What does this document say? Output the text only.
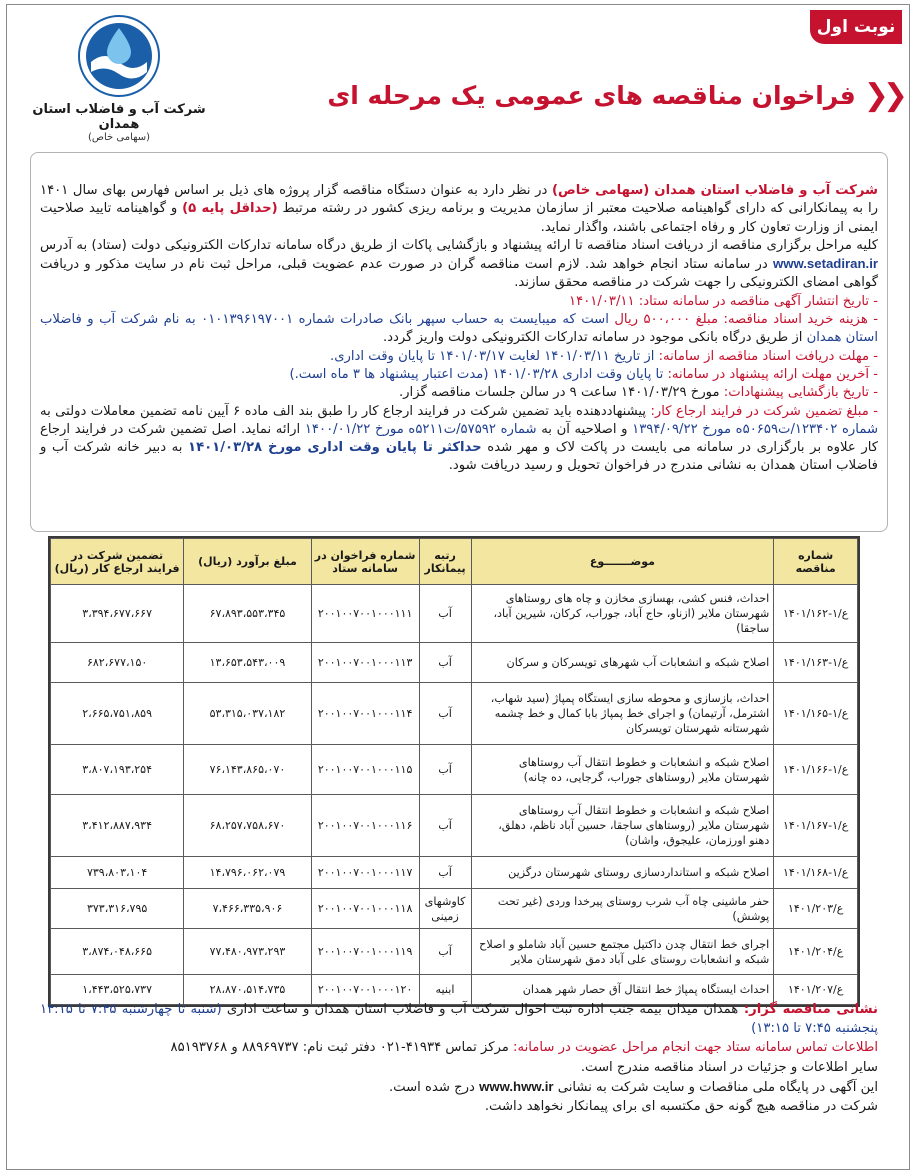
نوبت اول
❮❮
فراخوان مناقصه های عمومی یک مرحله ای
شرکت آب و فاضلاب استان همدان
(سهامی خاص)

شرکت آب و فاضلاب استان همدان (سهامی خاص) در نظر دارد به عنوان دستگاه مناقصه گزار پروژه های ذیل بر اساس فهارس بهای سال ۱۴۰۱ را به پیمانکارانی که دارای گواهینامه صلاحیت معتبر از سازمان مدیریت و برنامه ریزی کشور در رشته مرتبط (حداقل پایه ۵) و گواهینامه تایید صلاحیت ایمنی از وزارت تعاون کار و رفاه اجتماعی باشند، واگذار نماید.

کلیه مراحل برگزاری مناقصه از دریافت اسناد مناقصه تا ارائه پیشنهاد و بازگشایی پاکات از طریق درگاه سامانه تدارکات الکترونیکی دولت (ستاد) به آدرس www.setadiran.ir در سامانه ستاد انجام خواهد شد. لازم است مناقصه گران در صورت عدم عضویت قبلی، مراحل ثبت نام در سایت مذکور و دریافت گواهی امضای الکترونیکی را جهت شرکت در مناقصه محقق سازند.

- تاریخ انتشار آگهی مناقصه در سامانه ستاد: ۱۴۰۱/۰۳/۱۱

- هزینه خرید اسناد مناقصه: مبلغ ۵۰۰،۰۰۰ ریال است که میبایست به حساب سپهر بانک صادرات شماره ۰۱۰۱۳۹۶۱۹۷۰۰۱ به نام شرکت آب و فاضلاب استان همدان از طریق درگاه بانکی موجود در سامانه تدارکات الکترونیکی دولت واریز گردد.

- مهلت دریافت اسناد مناقصه از سامانه: از تاریخ ۱۴۰۱/۰۳/۱۱ لغایت ۱۴۰۱/۰۳/۱۷ تا پایان وقت اداری.

- آخرین مهلت ارائه پیشنهاد در سامانه: تا پایان وقت اداری ۱۴۰۱/۰۳/۲۸ (مدت اعتبار پیشنهاد ها ۳ ماه است.)

- تاریخ بازگشایی پیشنهادات: مورخ ۱۴۰۱/۰۳/۲۹ ساعت ۹ در سالن جلسات مناقصه گزار.

- مبلغ تضمین شرکت در فرایند ارجاع کار: پیشنهاددهنده باید تضمین شرکت در فرایند ارجاع کار را طبق بند الف ماده ۶ آیین نامه تضمین معاملات دولتی به شماره ۱۲۳۴۰۲/ت۵۰۶۵۹ه مورخ ۱۳۹۴/۰۹/۲۲ و اصلاحیه آن به شماره ۵۷۵۹۲/ت۵۲۱۱ه مورخ ۱۴۰۰/۰۱/۲۲ ارائه نماید. اصل تضمین شرکت در فرایند ارجاع کار علاوه بر بارگزاری در سامانه می بایست در پاکت لاک و مهر شده حداکثر تا پایان وقت اداری مورخ ۱۴۰۱/۰۳/۲۸ به دبیر خانه شرکت آب و فاضلاب استان همدان به نشانی مندرج در فراخوان تحویل و رسید دریافت شود.

شماره مناقصه	موضـــــــوع	رتبه پیمانکار	شماره فراخوان در سامانه ستاد	مبلغ برآورد (ریال)	تضمین شرکت در فرایند ارجاع کار (ریال)
ع/۱-۱۴۰۱/۱۶۲	احداث، فنس کشی، بهسازی مخازن و چاه های روستاهای شهرستان ملایر (ازناو، حاج آباد، جوراب، کرکان، شیرین آباد، ساجقا)	آب	۲۰۰۱۰۰۷۰۰۱۰۰۰۱۱۱	۶۷،۸۹۳،۵۵۳،۳۴۵	۳،۳۹۴،۶۷۷،۶۶۷
ع/۱-۱۴۰۱/۱۶۳	اصلاح شبکه و انشعابات آب شهرهای تویسرکان و سرکان	آب	۲۰۰۱۰۰۷۰۰۱۰۰۰۱۱۳	۱۳،۶۵۳،۵۴۳،۰۰۹	۶۸۲،۶۷۷،۱۵۰
ع/۱-۱۴۰۱/۱۶۵	احداث، بازسازی و محوطه سازی ایستگاه پمپاژ (سید شهاب، اشترمل، آرتیمان) و اجرای خط پمپاژ بابا کمال و خط چشمه شهرستانه شهرستان تویسرکان	آب	۲۰۰۱۰۰۷۰۰۱۰۰۰۱۱۴	۵۳،۳۱۵،۰۳۷،۱۸۲	۲،۶۶۵،۷۵۱،۸۵۹
ع/۱-۱۴۰۱/۱۶۶	اصلاح شبکه و انشعابات و خطوط انتقال آب روستاهای شهرستان ملایر (روستاهای جوراب، گرجایی، ده چانه)	آب	۲۰۰۱۰۰۷۰۰۱۰۰۰۱۱۵	۷۶،۱۴۳،۸۶۵،۰۷۰	۳،۸۰۷،۱۹۳،۲۵۴
ع/۱-۱۴۰۱/۱۶۷	اصلاح شبکه و انشعابات و خطوط انتقال آب روستاهای شهرستان ملایر (روستاهای ساجقا، حسین آباد ناظم، دهلق، دهنو اورزمان، علیجوق، واشان)	آب	۲۰۰۱۰۰۷۰۰۱۰۰۰۱۱۶	۶۸،۲۵۷،۷۵۸،۶۷۰	۳،۴۱۲،۸۸۷،۹۳۴
ع/۱-۱۴۰۱/۱۶۸	اصلاح شبکه و استانداردسازی روستای شهرستان درگزین	آب	۲۰۰۱۰۰۷۰۰۱۰۰۰۱۱۷	۱۴،۷۹۶،۰۶۲،۰۷۹	۷۳۹،۸۰۳،۱۰۴
ع/۱۴۰۱/۲۰۳	حفر ماشینی چاه آب شرب روستای پیرخدا وردی (غیر تحت پوشش)	کاوشهای زمینی	۲۰۰۱۰۰۷۰۰۱۰۰۰۱۱۸	۷،۴۶۶،۳۳۵،۹۰۶	۳۷۳،۳۱۶،۷۹۵
ع/۱۴۰۱/۲۰۴	اجرای خط انتقال چدن داکتیل مجتمع حسین آباد شاملو و اصلاح شبکه و انشعابات روستای علی آباد دمق شهرستان ملایر	آب	۲۰۰۱۰۰۷۰۰۱۰۰۰۱۱۹	۷۷،۴۸۰،۹۷۳،۲۹۳	۳،۸۷۴،۰۴۸،۶۶۵
ع/۱۴۰۱/۲۰۷	احداث ایستگاه پمپاژ خط انتقال آق حصار شهر همدان	ابنیه	۲۰۰۱۰۰۷۰۰۱۰۰۰۱۲۰	۲۸،۸۷۰،۵۱۴،۷۳۵	۱،۴۴۳،۵۲۵،۷۳۷

نشانی مناقصه گزار: همدان میدان بیمه جنب اداره ثبت احوال شرکت آب و فاضلاب استان همدان و ساعت اداری (شنبه تا چهارشنبه ۷:۴۵ تا ۱۴:۱۵ پنجشنبه ۷:۴۵ تا ۱۳:۱۵)

اطلاعات تماس سامانه ستاد جهت انجام مراحل عضویت در سامانه: مرکز تماس ۴۱۹۳۴-۰۲۱ دفتر ثبت نام: ۸۸۹۶۹۷۳۷ و ۸۵۱۹۳۷۶۸

سایر اطلاعات و جزئیات در اسناد مناقصه مندرج است.

این آگهی در پایگاه ملی مناقصات و سایت شرکت به نشانی www.hww.ir درج شده است.

شرکت در مناقصه هیچ گونه حق مکتسبه ای برای پیمانکار نخواهد داشت.
